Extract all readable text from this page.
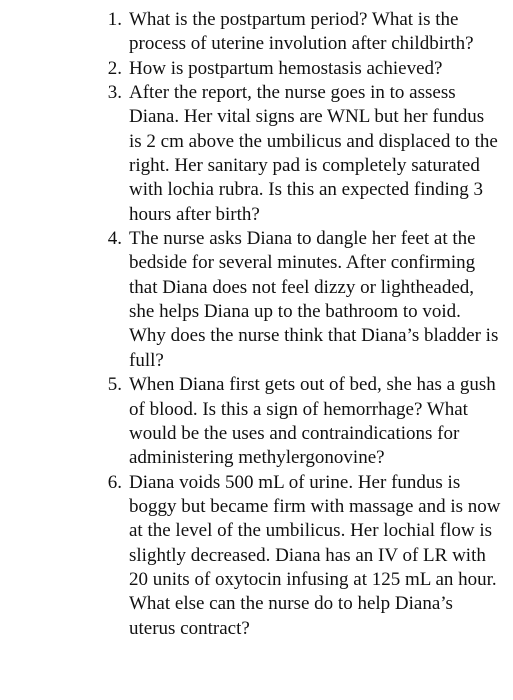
1. What is the postpartum period? What is the process of uterine involution after childbirth?

2. How is postpartum hemostasis achieved?

3. After the report, the nurse goes in to assess Diana. Her vital signs are WNL but her fundus is 2 cm above the umbilicus and displaced to the right. Her sanitary pad is completely saturated with lochia rubra. Is this an expected finding 3 hours after birth?

4. The nurse asks Diana to dangle her feet at the bedside for several minutes. After confirming that Diana does not feel dizzy or lightheaded, she helps Diana up to the bathroom to void. Why does the nurse think that Diana’s bladder is full?

5. When Diana first gets out of bed, she has a gush of blood. Is this a sign of hemorrhage? What would be the uses and contraindications for administering methylergonovine?

6. Diana voids 500 mL of urine. Her fundus is boggy but became firm with massage and is now at the level of the umbilicus. Her lochial flow is slightly decreased. Diana has an IV of LR with 20 units of oxytocin infusing at 125 mL an hour. What else can the nurse do to help Diana’s uterus contract?
